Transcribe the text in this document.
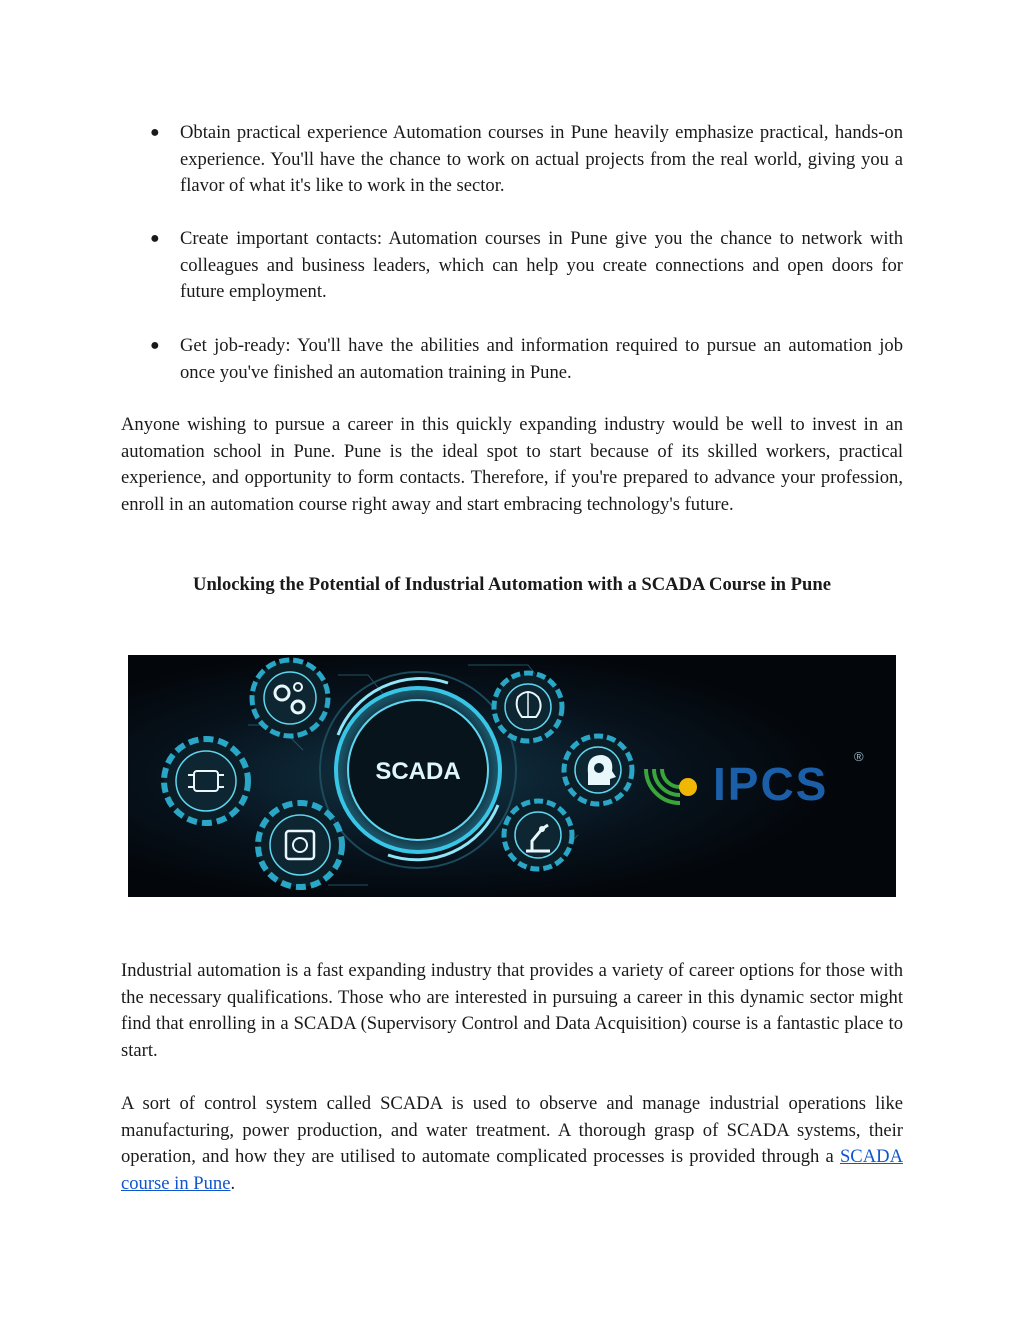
● Obtain practical experience Automation courses in Pune heavily emphasize practical, hands-on experience. You'll have the chance to work on actual projects from the real world, giving you a flavor of what it's like to work in the sector.

● Create important contacts: Automation courses in Pune give you the chance to network with colleagues and business leaders, which can help you create connections and open doors for future employment.

● Get job-ready: You'll have the abilities and information required to pursue an automation job once you've finished an automation training in Pune.

Anyone wishing to pursue a career in this quickly expanding industry would be well to invest in an automation school in Pune. Pune is the ideal spot to start because of its skilled workers, practical experience, and opportunity to form contacts. Therefore, if you're prepared to advance your profession, enroll in an automation course right away and start embracing technology's future.

Unlocking the Potential of Industrial Automation with a SCADA Course in Pune
SCADA	IPCS
®

Industrial automation is a fast expanding industry that provides a variety of career options for those with the necessary qualifications. Those who are interested in pursuing a career in this dynamic sector might find that enrolling in a SCADA (Supervisory Control and Data Acquisition) course is a fantastic place to start.

A sort of control system called SCADA is used to observe and manage industrial operations like manufacturing, power production, and water treatment. A thorough grasp of SCADA systems, their operation, and how they are utilised to automate complicated processes is provided through a SCADA course in Pune.
